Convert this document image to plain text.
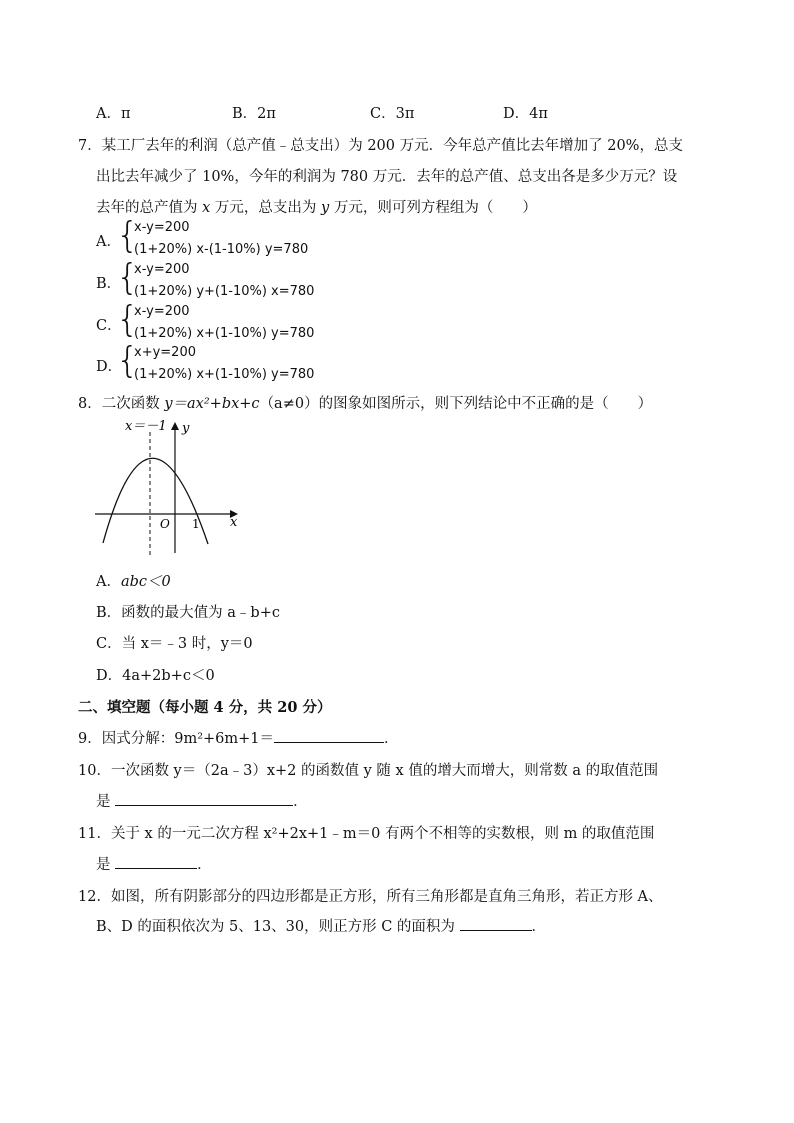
A．π	B．2π	C．3π	D．4π
7．某工厂去年的利润（总产值﹣总支出）为 200 万元．今年总产值比去年增加了 20%，总支
出比去年减少了 10%，今年的利润为 780 万元．去年的总产值、总支出各是多少万元？设
去年的总产值为 x 万元，总支出为 y 万元，则可列方程组为（　　）
A．
{
x-y=200
(1+20%) x-(1-10%) y=780
B．
{
x-y=200
(1+20%) y+(1-10%) x=780
C．
{
x-y=200
(1+20%) x+(1-10%) y=780
D．
{
x+y=200
(1+20%) x+(1-10%) y=780
8．二次函数 y＝ax²+bx+c（a≠0）的图象如图所示，则下列结论中不正确的是（　　）
x＝－1 y
x
O 1
A．abc＜0
B．函数的最大值为 a﹣b+c
C．当 x＝﹣3 时，y＝0
D．4a+2b+c＜0
二、填空题（每小题 4 分，共 20 分）
9．因式分解：9m²+6m+1＝	．
10．一次函数 y＝（2a﹣3）x+2 的函数值 y 随 x 值的增大而增大，则常数 a 的取值范围
是	．
11．关于 x 的一元二次方程 x²+2x+1﹣m＝0 有两个不相等的实数根，则 m 的取值范围
是	．
12．如图，所有阴影部分的四边形都是正方形，所有三角形都是直角三角形，若正方形 A、
B、D 的面积依次为 5、13、30，则正方形 C 的面积为	．
